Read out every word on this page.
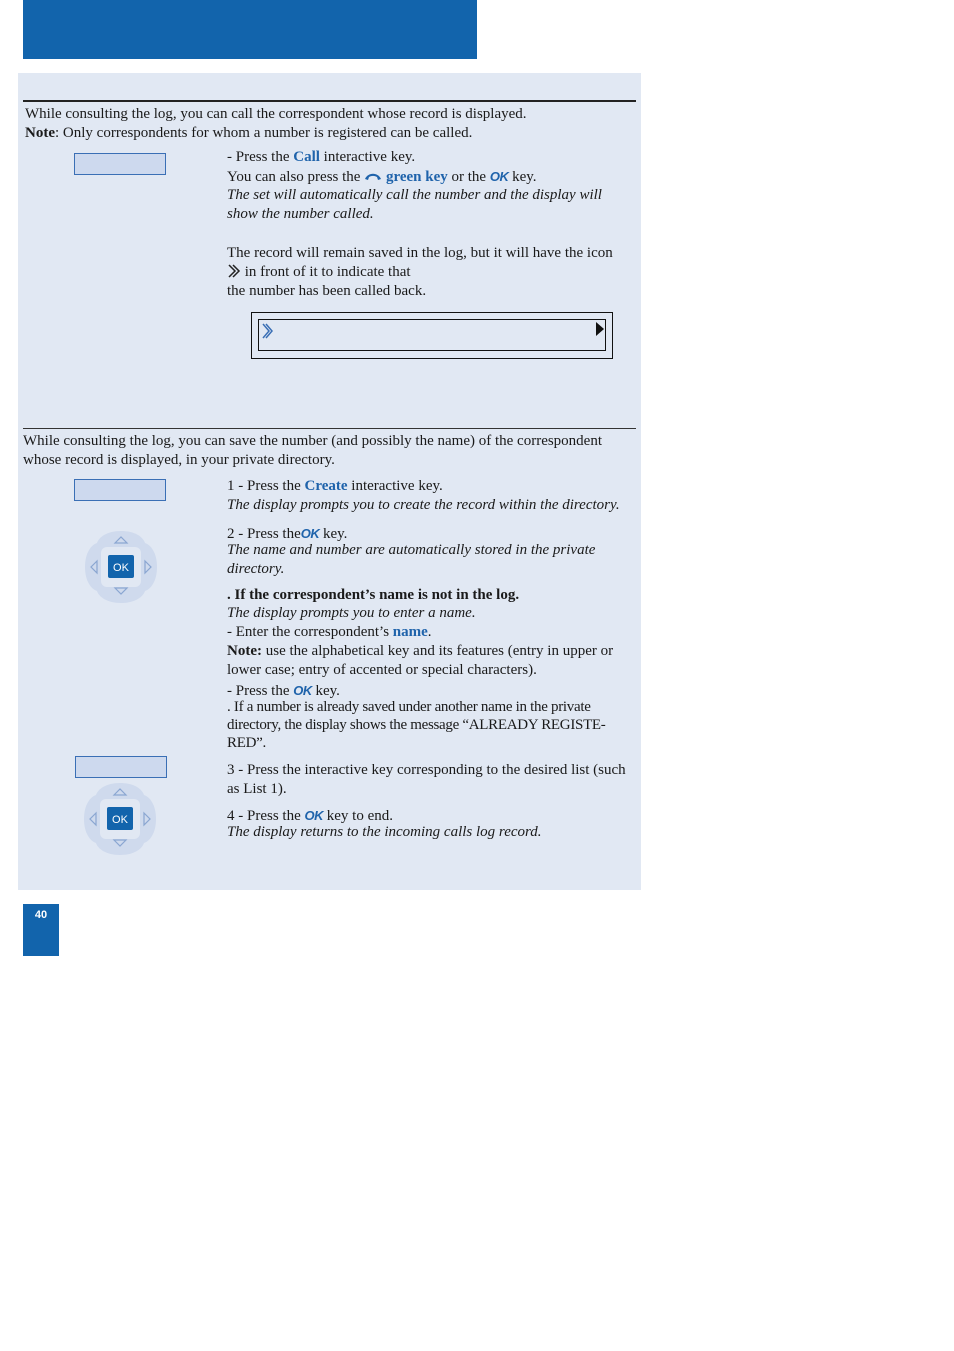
While consulting the log, you can call the correspondent whose record is displayed.

Note: Only correspondents for whom a number is registered can be called.

- Press the Call interactive key.

You can also press the  green key or the OK key.

The set will automatically call the number and the display will show the number called.

The record will remain saved in the log, but it will have the icon

in front of it to indicate that

the number has been called back.

While consulting the log, you can save the number (and possibly the name) of the correspondent whose record is displayed, in your private directory.

1 - Press the Create interactive key.

The display prompts you to create the record within the directory.

2 - Press theOK key.

The name and number are automatically stored in the private directory.

. If the correspondent’s name is not in the log.

The display prompts you to enter a name.

- Enter the correspondent’s name.

Note: use the alphabetical key and its features (entry in upper or lower case; entry of accented or special characters).

- Press the OK key.

. If a number is already saved under another name in the private directory, the display shows the message “ALREADY REGISTE-RED”.

OK

3 - Press the interactive key corresponding to the desired list (such as List 1).

4 - Press the OK key to end.

The display returns to the incoming calls log record.

OK
40
